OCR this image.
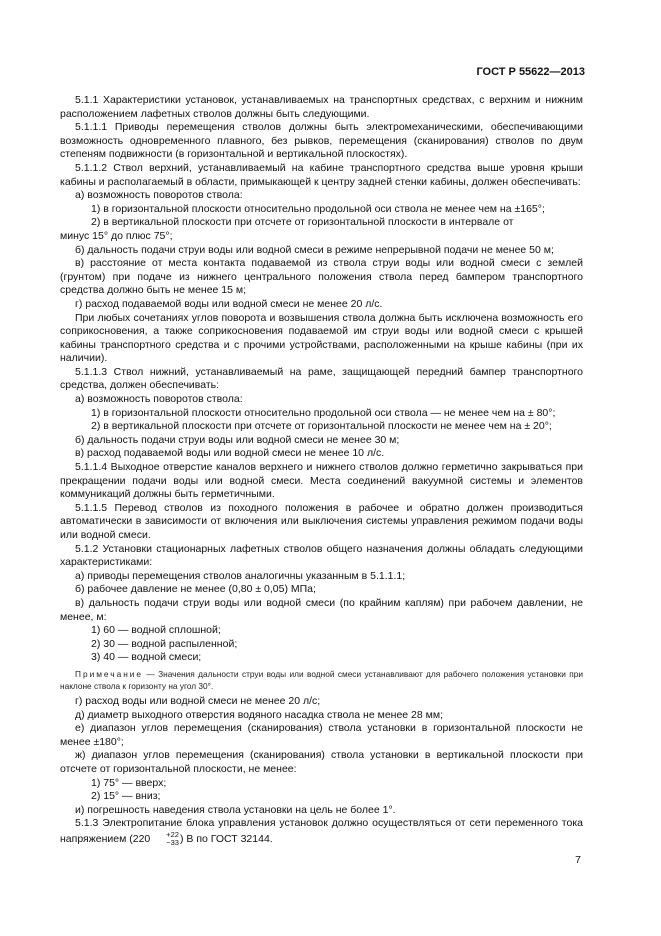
ГОСТ Р 55622—2013

5.1.1 Характеристики установок, устанавливаемых на транспортных средствах, с верхним и нижним расположением лафетных стволов должны быть следующими.

5.1.1.1 Приводы перемещения стволов должны быть электромеханическими, обеспечивающими возможность одновременного плавного, без рывков, перемещения (сканирования) стволов по двум степеням подвижности (в горизонтальной и вертикальной плоскостях).

5.1.1.2 Ствол верхний, устанавливаемый на кабине транспортного средства выше уровня крыши кабины и располагаемый в области, примыкающей к центру задней стенки кабины, должен обеспечивать:

а) возможность поворотов ствола:

1) в горизонтальной плоскости относительно продольной оси ствола не менее чем на ±165°;

2) в вертикальной плоскости при отсчете от горизонтальной плоскости в интервале от

минус 15° до плюс 75°;

б) дальность подачи струи воды или водной смеси в режиме непрерывной подачи не менее 50 м;

в) расстояние от места контакта подаваемой из ствола струи воды или водной смеси с землей (грунтом) при подаче из нижнего центрального положения ствола перед бампером транспортного средства должно быть не менее 15 м;

г) расход подаваемой воды или водной смеси не менее 20 л/с.

При любых сочетаниях углов поворота и возвышения ствола должна быть исключена возможность его соприкосновения, а также соприкосновения подаваемой им струи воды или водной смеси с крышей кабины транспортного средства и с прочими устройствами, расположенными на крыше кабины (при их наличии).

5.1.1.3 Ствол нижний, устанавливаемый на раме, защищающей передний бампер транспортного средства, должен обеспечивать:

а) возможность поворотов ствола:

1) в горизонтальной плоскости относительно продольной оси ствола — не менее чем на ± 80°;

2) в вертикальной плоскости при отсчете от горизонтальной плоскости не менее чем на ± 20°;

б) дальность подачи струи воды или водной смеси не менее 30 м;

в) расход подаваемой воды или водной смеси не менее 10 л/с.

5.1.1.4 Выходное отверстие каналов верхнего и нижнего стволов должно герметично закрываться при прекращении подачи воды или водной смеси. Места соединений вакуумной системы и элементов коммуникаций должны быть герметичными.

5.1.1.5 Перевод стволов из походного положения в рабочее и обратно должен производиться автоматически в зависимости от включения или выключения системы управления режимом подачи воды или водной смеси.

5.1.2 Установки стационарных лафетных стволов общего назначения должны обладать следующими характеристиками:

а) приводы перемещения стволов аналогичны указанным в 5.1.1.1;

б) рабочее давление не менее (0,80 ± 0,05) МПа;

в) дальность подачи струи воды или водной смеси (по крайним каплям) при рабочем давлении, не менее, м:

1) 60 — водной сплошной;

2) 30 — водной распыленной;

3) 40 — водной смеси;

Примечание — Значения дальности струи воды или водной смеси устанавливают для рабочего положения установки при наклоне ствола к горизонту на угол 30°.

г) расход воды или водной смеси не менее 20 л/с;

д) диаметр выходного отверстия водяного насадка ствола не менее 28 мм;

е) диапазон углов перемещения (сканирования) ствола установки в горизонтальной плоскости не менее ±180°;

ж) диапазон углов перемещения (сканирования) ствола установки в вертикальной плоскости при отсчете от горизонтальной плоскости, не менее:

1) 75° — вверх;

2) 15° — вниз;

и) погрешность наведения ствола установки на цель не более 1°.

5.1.3 Электропитание блока управления установок должно осуществляться от сети переменного тока напряжением (220	+22
−33 ) В по ГОСТ 32144.

7
